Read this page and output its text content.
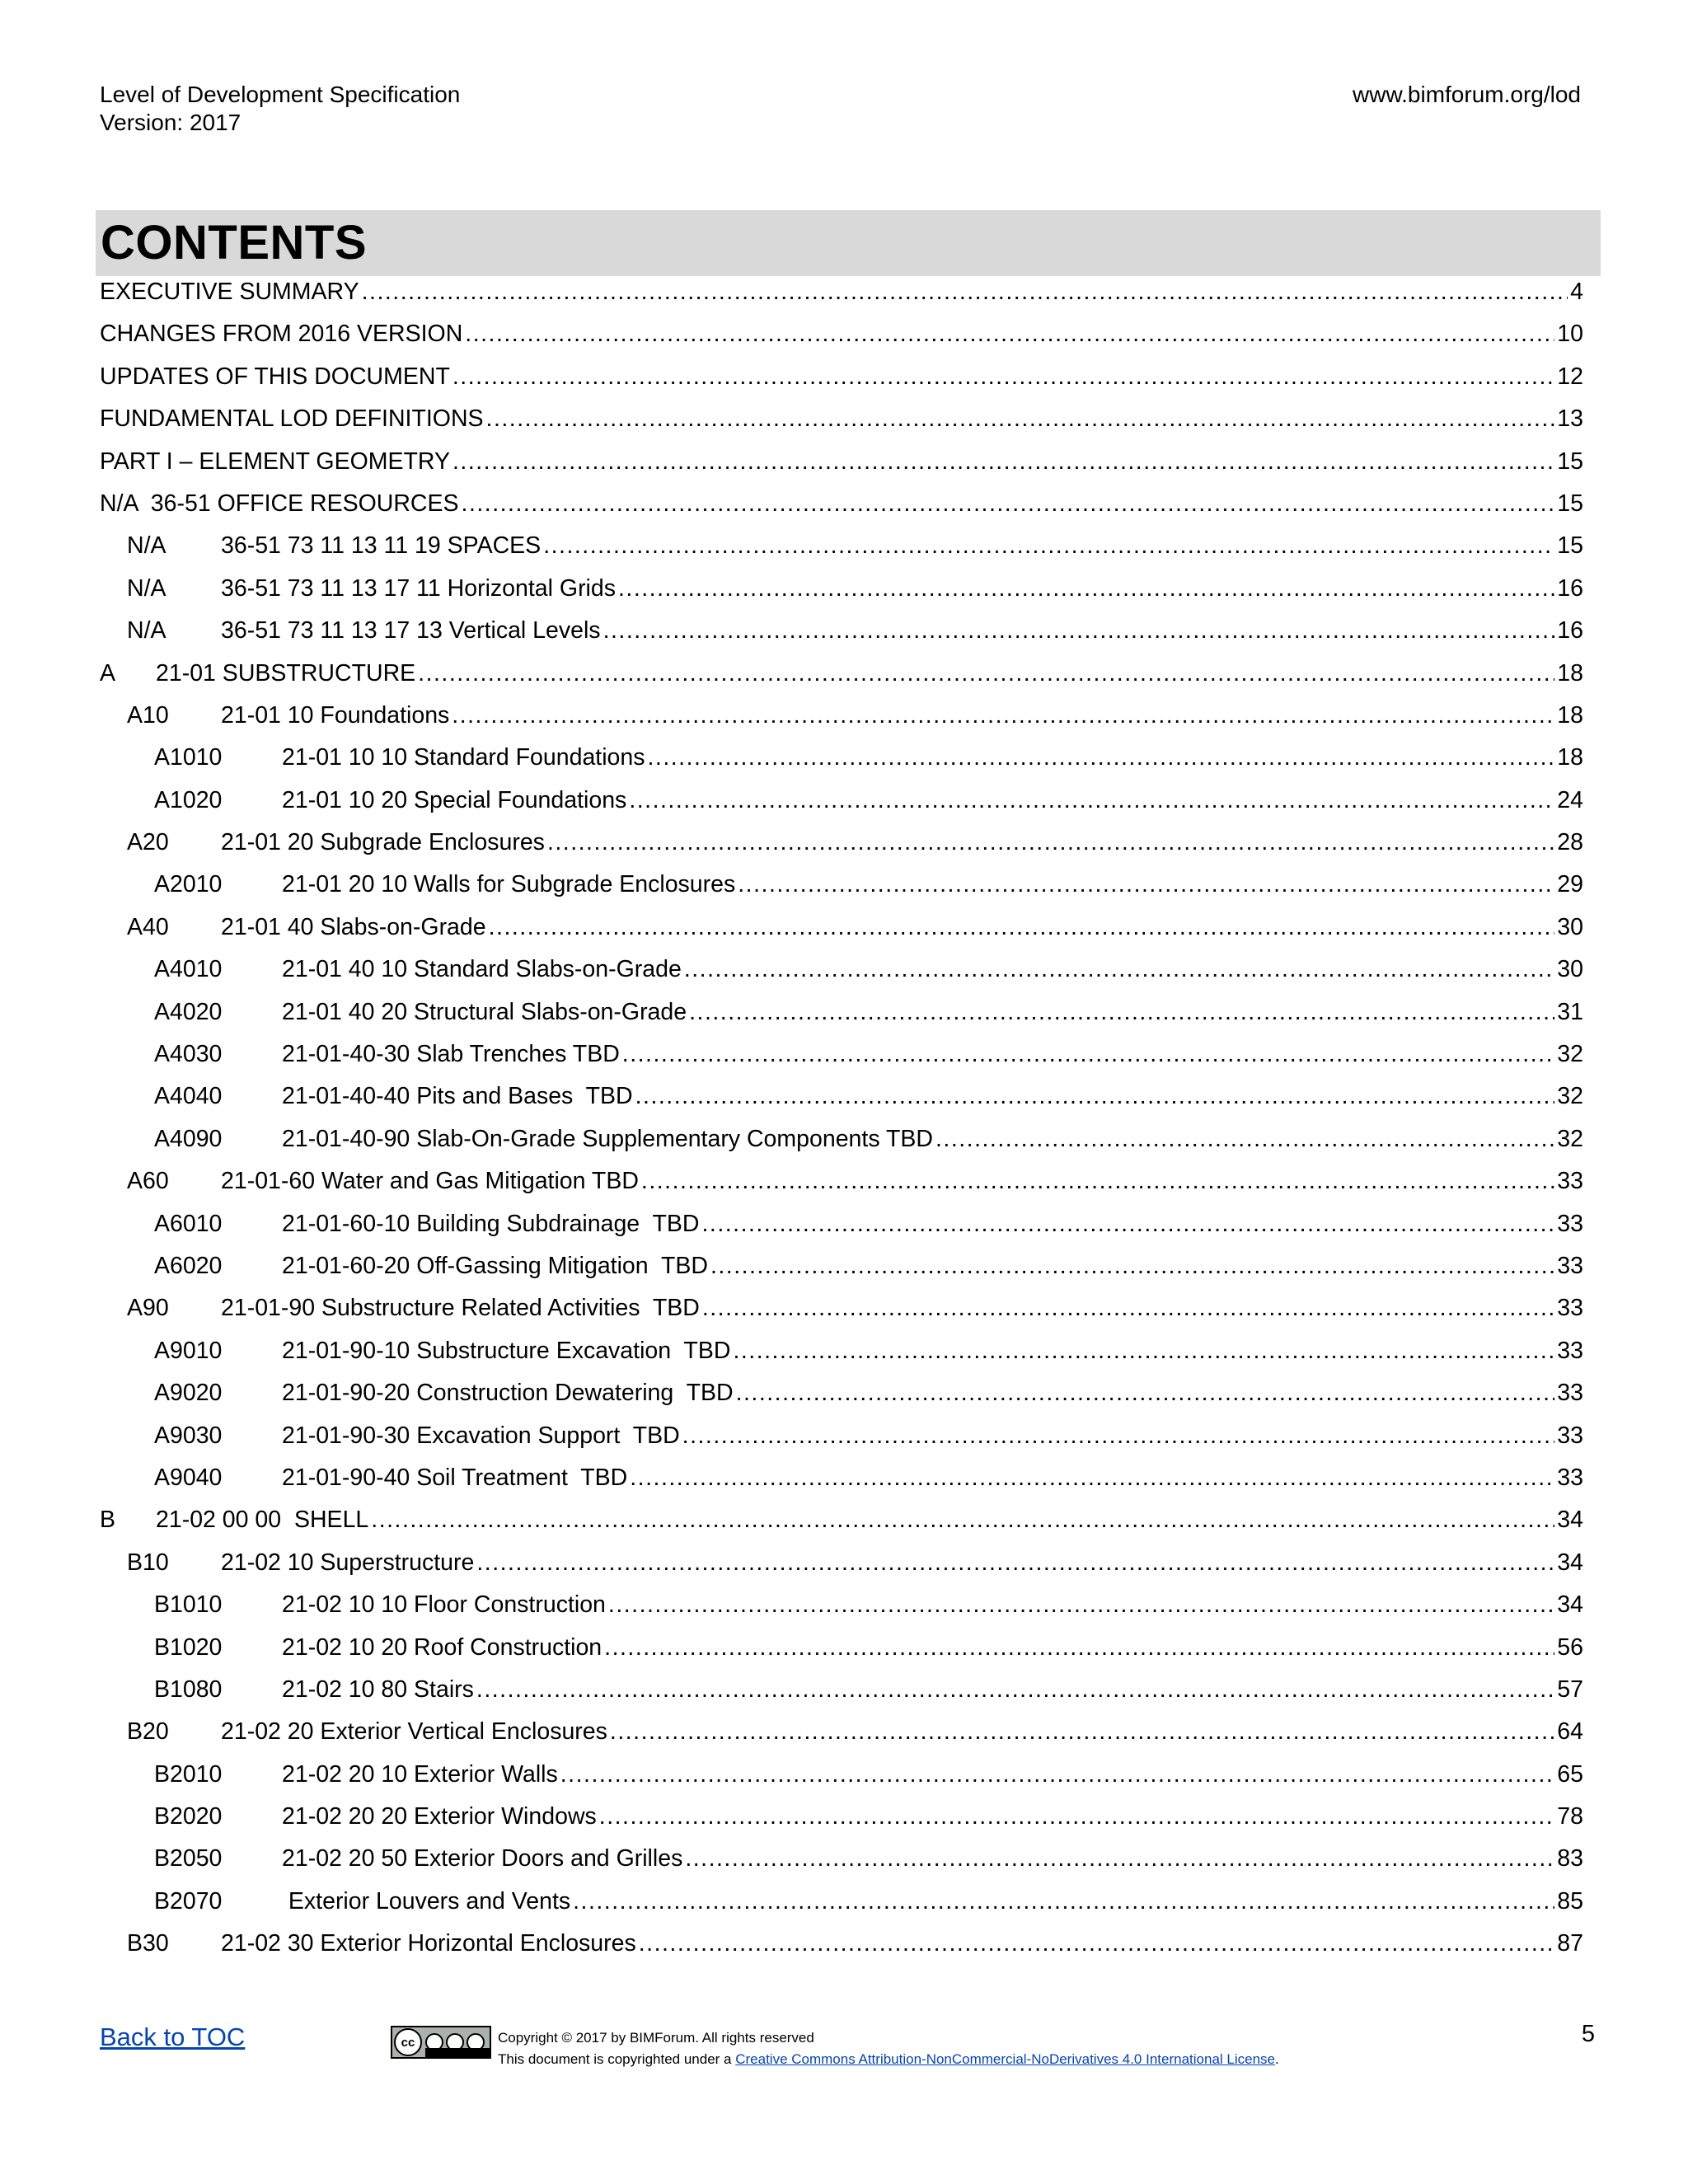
Level of Development Specification
Version: 2017
www.bimforum.org/lod
CONTENTS
EXECUTIVE SUMMARY .....	4
CHANGES FROM 2016 VERSION .....	10
UPDATES OF THIS DOCUMENT .....	12
FUNDAMENTAL LOD DEFINITIONS .....	13
PART I – ELEMENT GEOMETRY .....	15
N/A  36-51 OFFICE RESOURCES .....	15
N/A	36-51 73 11 13 11 19 SPACES .....	15
N/A	36-51 73 11 13 17 11 Horizontal Grids .....	16
N/A	36-51 73 11 13 17 13 Vertical Levels .....	16
A	21-01 SUBSTRUCTURE .....	18
A10	21-01 10 Foundations .....	18
A1010	21-01 10 10 Standard Foundations .....	18
A1020	21-01 10 20 Special Foundations .....	24
A20	21-01 20 Subgrade Enclosures .....	28
A2010	21-01 20 10 Walls for Subgrade Enclosures .....	29
A40	21-01 40 Slabs-on-Grade .....	30
A4010	21-01 40 10 Standard Slabs-on-Grade .....	30
A4020	21-01 40 20 Structural Slabs-on-Grade .....	31
A4030	21-01-40-30 Slab Trenches TBD .....	32
A4040	21-01-40-40 Pits and Bases  TBD .....	32
A4090	21-01-40-90 Slab-On-Grade Supplementary Components TBD .....	32
A60	21-01-60 Water and Gas Mitigation TBD .....	33
A6010	21-01-60-10 Building Subdrainage  TBD .....	33
A6020	21-01-60-20 Off-Gassing Mitigation  TBD .....	33
A90	21-01-90 Substructure Related Activities  TBD .....	33
A9010	21-01-90-10 Substructure Excavation  TBD .....	33
A9020	21-01-90-20 Construction Dewatering  TBD .....	33
A9030	21-01-90-30 Excavation Support  TBD .....	33
A9040	21-01-90-40 Soil Treatment  TBD .....	33
B	21-02 00 00  SHELL .....	34
B10	21-02 10 Superstructure .....	34
B1010	21-02 10 10 Floor Construction .....	34
B1020	21-02 10 20 Roof Construction .....	56
B1080	21-02 10 80 Stairs .....	57
B20	21-02 20 Exterior Vertical Enclosures .....	64
B2010	21-02 20 10 Exterior Walls .....	65
B2020	21-02 20 20 Exterior Windows .....	78
B2050	21-02 20 50 Exterior Doors and Grilles .....	83
B2070	Exterior Louvers and Vents .....	85
B30	21-02 30 Exterior Horizontal Enclosures .....	87
Back to TOC	cc	Copyright © 2017 by BIMForum. All rights reserved
This document is copyrighted under a Creative Commons Attribution-NonCommercial-NoDerivatives 4.0 International License.
5
